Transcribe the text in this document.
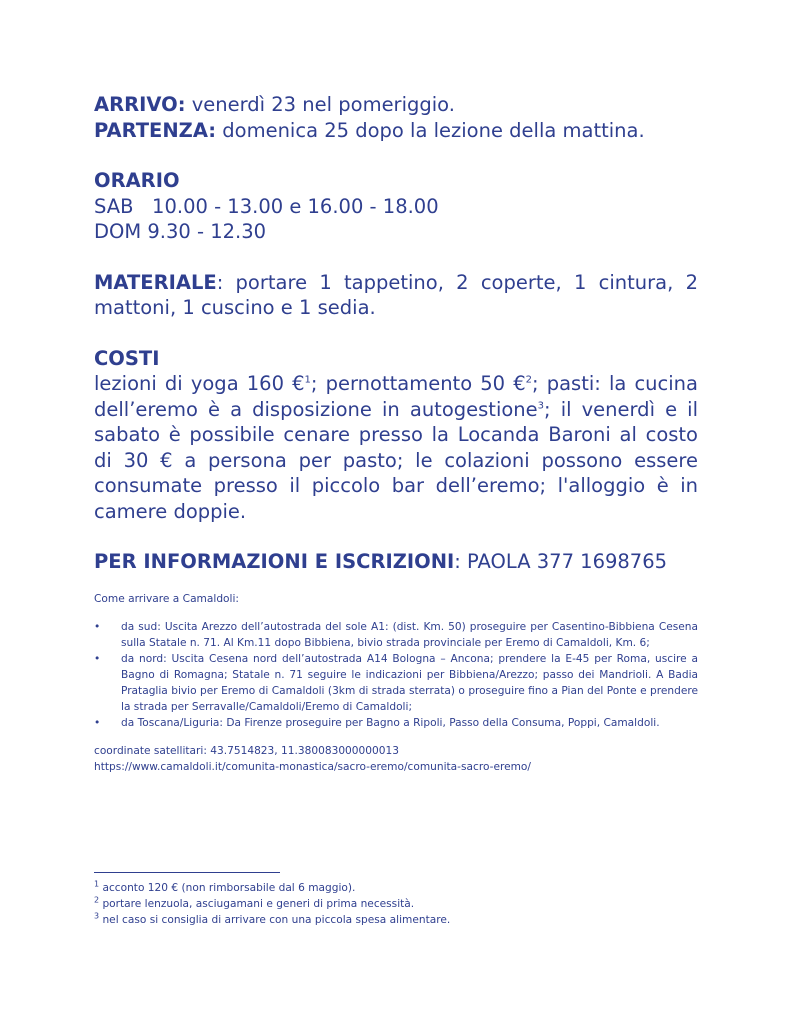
ARRIVO: venerdì 23 nel pomeriggio.

PARTENZA: domenica 25 dopo la lezione della mattina.

ORARIO

SAB   10.00 - 13.00 e 16.00 - 18.00

DOM 9.30 - 12.30

MATERIALE: portare 1 tappetino, 2 coperte, 1 cintura, 2 mattoni, 1 cuscino e 1 sedia.

COSTI

lezioni di yoga 160 €$^1$; pernottamento 50 €$^2$; pasti: la cucina dell’eremo è a disposizione in autogestione$^3$; il venerdì e il sabato è possibile cenare presso la Locanda Baroni al costo di 30 € a persona per pasto; le colazioni possono essere consumate presso il piccolo bar dell’eremo; l'alloggio è in camere doppie.

PER INFORMAZIONI E ISCRIZIONI: PAOLA 377 1698765

Come arrivare a Camaldoli:

• da sud: Uscita Arezzo dell’autostrada del sole A1: (dist. Km. 50) proseguire per Casentino-Bibbiena Cesena sulla Statale n. 71. Al Km.11 dopo Bibbiena, bivio strada provinciale per Eremo di Camaldoli, Km. 6;
• da nord: Uscita Cesena nord dell’autostrada A14 Bologna – Ancona; prendere la E-45 per Roma, uscire a Bagno di Romagna; Statale n. 71 seguire le indicazioni per Bibbiena/Arezzo; passo dei Mandrioli. A Badia Prataglia bivio per Eremo di Camaldoli (3km di strada sterrata) o proseguire fino a Pian del Ponte e prendere la strada per Serravalle/Camaldoli/Eremo di Camaldoli;
• da Toscana/Liguria: Da Firenze proseguire per Bagno a Ripoli, Passo della Consuma, Poppi, Camaldoli.

coordinate satellitari: 43.7514823, 11.380083000000013

https://www.camaldoli.it/comunita-monastica/sacro-eremo/comunita-sacro-eremo/

$^1$ acconto 120 € (non rimborsabile dal 6 maggio).

$^2$ portare lenzuola, asciugamani e generi di prima necessità.

$^3$ nel caso si consiglia di arrivare con una piccola spesa alimentare.
